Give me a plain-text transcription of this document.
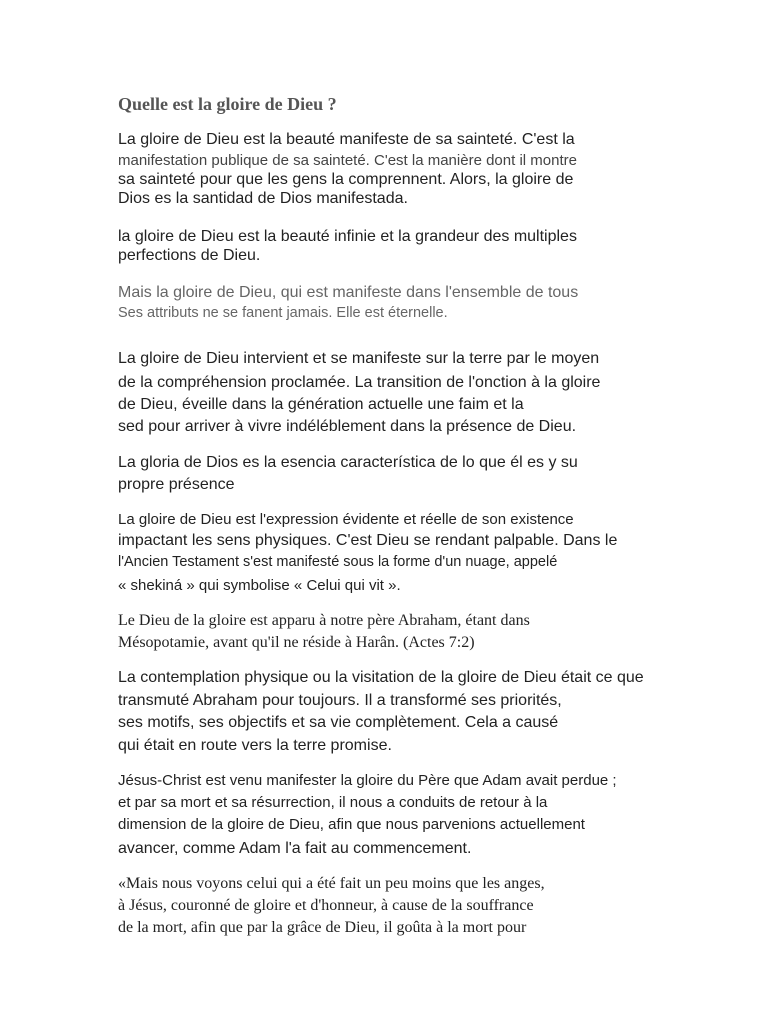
Quelle est la gloire de Dieu ?
La gloire de Dieu est la beauté manifeste de sa sainteté. C'est la
manifestation publique de sa sainteté. C'est la manière dont il montre
sa sainteté pour que les gens la comprennent. Alors, la gloire de
Dios es la santidad de Dios manifestada.
la gloire de Dieu est la beauté infinie et la grandeur des multiples
perfections de Dieu.
Mais la gloire de Dieu, qui est manifeste dans l'ensemble de tous
Ses attributs ne se fanent jamais. Elle est éternelle.
La gloire de Dieu intervient et se manifeste sur la terre par le moyen
de la compréhension proclamée. La transition de l'onction à la gloire
de Dieu, éveille dans la génération actuelle une faim et la
sed pour arriver à vivre indéléblement dans la présence de Dieu.
La gloria de Dios es la esencia característica de lo que él es y su
propre présence
La gloire de Dieu est l'expression évidente et réelle de son existence
impactant les sens physiques. C'est Dieu se rendant palpable. Dans le
l'Ancien Testament s'est manifesté sous la forme d'un nuage, appelé
« shekiná » qui symbolise « Celui qui vit ».
Le Dieu de la gloire est apparu à notre père Abraham, étant dans
Mésopotamie, avant qu'il ne réside à Harân. (Actes 7:2)
La contemplation physique ou la visitation de la gloire de Dieu était ce que
transmuté Abraham pour toujours. Il a transformé ses priorités,
ses motifs, ses objectifs et sa vie complètement. Cela a causé
qui était en route vers la terre promise.
Jésus-Christ est venu manifester la gloire du Père que Adam avait perdue ;
et par sa mort et sa résurrection, il nous a conduits de retour à la
dimension de la gloire de Dieu, afin que nous parvenions actuellement
avancer, comme Adam l'a fait au commencement.
«Mais nous voyons celui qui a été fait un peu moins que les anges,
à Jésus, couronné de gloire et d'honneur, à cause de la souffrance
de la mort, afin que par la grâce de Dieu, il goûta à la mort pour
